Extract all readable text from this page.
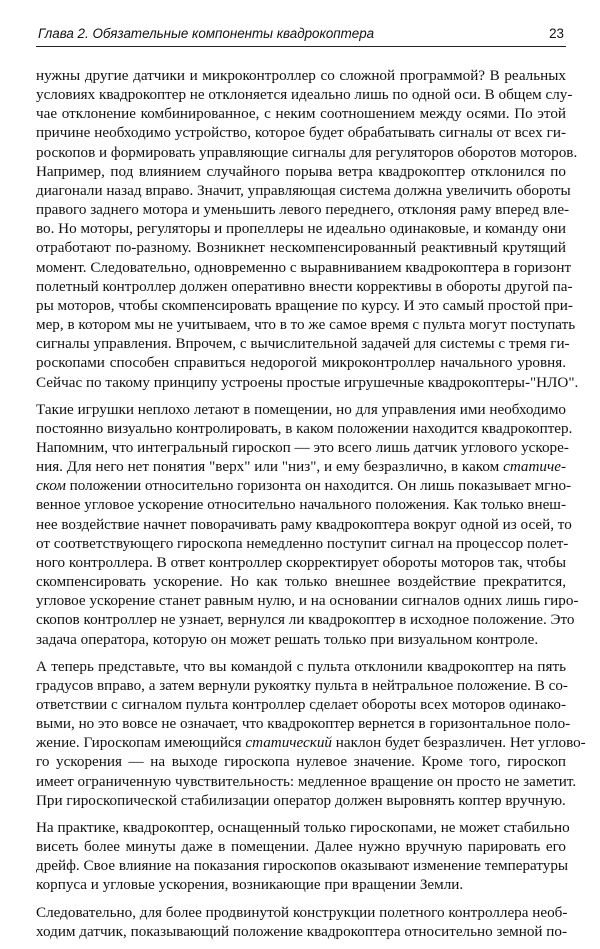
Глава 2. Обязательные компоненты квадрокоптера	23

нужны другие датчики и микроконтроллер со сложной программой? В реальных
условиях квадрокоптер не отклоняется идеально лишь по одной оси. В общем слу-
чае отклонение комбинированное, с неким соотношением между осями. По этой
причине необходимо устройство, которое будет обрабатывать сигналы от всех ги-
роскопов и формировать управляющие сигналы для регуляторов оборотов моторов.
Например, под влиянием случайного порыва ветра квадрокоптер отклонился по
диагонали назад вправо. Значит, управляющая система должна увеличить обороты
правого заднего мотора и уменьшить левого переднего, отклоняя раму вперед вле-
во. Но моторы, регуляторы и пропеллеры не идеально одинаковые, и команду они
отработают по-разному. Возникнет нескомпенсированный реактивный крутящий
момент. Следовательно, одновременно с выравниванием квадрокоптера в горизонт
полетный контроллер должен оперативно внести коррективы в обороты другой па-
ры моторов, чтобы скомпенсировать вращение по курсу. И это самый простой при-
мер, в котором мы не учитываем, что в то же самое время с пульта могут поступать
сигналы управления. Впрочем, с вычислительной задачей для системы с тремя ги-
роскопами способен справиться недорогой микроконтроллер начального уровня.
Сейчас по такому принципу устроены простые игрушечные квадрокоптеры-"НЛО".

Такие игрушки неплохо летают в помещении, но для управления ими необходимо
постоянно визуально контролировать, в каком положении находится квадрокоптер.
Напомним, что интегральный гироскоп — это всего лишь датчик углового ускоре-
ния. Для него нет понятия "верх" или "низ", и ему безразлично, в каком статиче-
ском положении относительно горизонта он находится. Он лишь показывает мгно-
венное угловое ускорение относительно начального положения. Как только внеш-
нее воздействие начнет поворачивать раму квадрокоптера вокруг одной из осей, то
от соответствующего гироскопа немедленно поступит сигнал на процессор полет-
ного контроллера. В ответ контроллер скорректирует обороты моторов так, чтобы
скомпенсировать ускорение. Но как только внешнее воздействие прекратится,
угловое ускорение станет равным нулю, и на основании сигналов одних лишь гиро-
скопов контроллер не узнает, вернулся ли квадрокоптер в исходное положение. Это
задача оператора, которую он может решать только при визуальном контроле.

А теперь представьте, что вы командой с пульта отклонили квадрокоптер на пять
градусов вправо, а затем вернули рукоятку пульта в нейтральное положение. В со-
ответствии с сигналом пульта контроллер сделает обороты всех моторов одинако-
выми, но это вовсе не означает, что квадрокоптер вернется в горизонтальное поло-
жение. Гироскопам имеющийся статический наклон будет безразличен. Нет углово-
го ускорения — на выходе гироскопа нулевое значение. Кроме того, гироскоп
имеет ограниченную чувствительность: медленное вращение он просто не заметит.
При гироскопической стабилизации оператор должен выровнять коптер вручную.

На практике, квадрокоптер, оснащенный только гироскопами, не может стабильно
висеть более минуты даже в помещении. Далее нужно вручную парировать его
дрейф. Свое влияние на показания гироскопов оказывают изменение температуры
корпуса и угловые ускорения, возникающие при вращении Земли.

Следовательно, для более продвинутой конструкции полетного контроллера необ-
ходим датчик, показывающий положение квадрокоптера относительно земной по-
